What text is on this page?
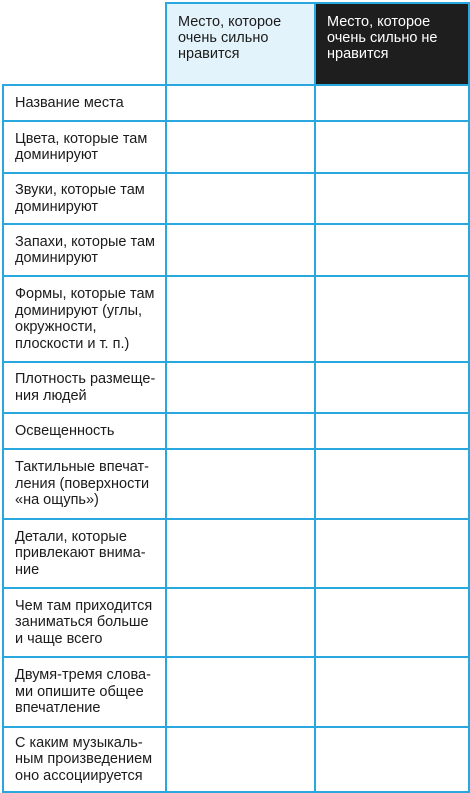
	Место, которое очень сильно нравится	Место, которое очень сильно не нравится
Название места		
Цвета, которые там доминируют		
Звуки, которые там доминируют		
Запахи, которые там доминируют		
Формы, которые там доминируют (углы, окружности, плоскости и т. п.)		
Плотность размещения людей		
Освещенность		
Тактильные впечатления (поверхности «на ощупь»)		
Детали, которые привлекают внимание		
Чем там приходится заниматься больше и чаще всего		
Двумя-тремя словами опишите общее впечатление		
С каким музыкальным произведением оно ассоциируется		
